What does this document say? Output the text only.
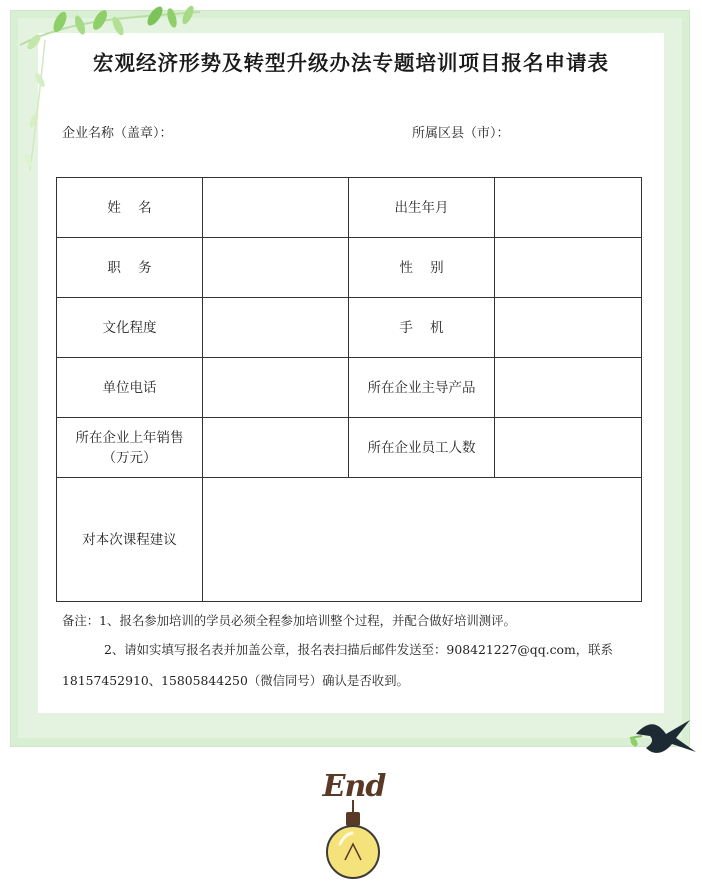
宏观经济形势及转型升级办法专题培训项目报名申请表
企业名称（盖章）：	所属区县（市）：
姓    名		出生年月	
职    务		性    别	
文化程度		手    机	
单位电话		所在企业主导产品	
所在企业上年销售（万元）		所在企业员工人数	
对本次课程建议			
备注：1、报名参加培训的学员必须全程参加培训整个过程，并配合做好培训测评。
2、请如实填写报名表并加盖公章，报名表扫描后邮件发送至：908421227@qq.com，联系
18157452910、15805844250（微信同号）确认是否收到。
End
